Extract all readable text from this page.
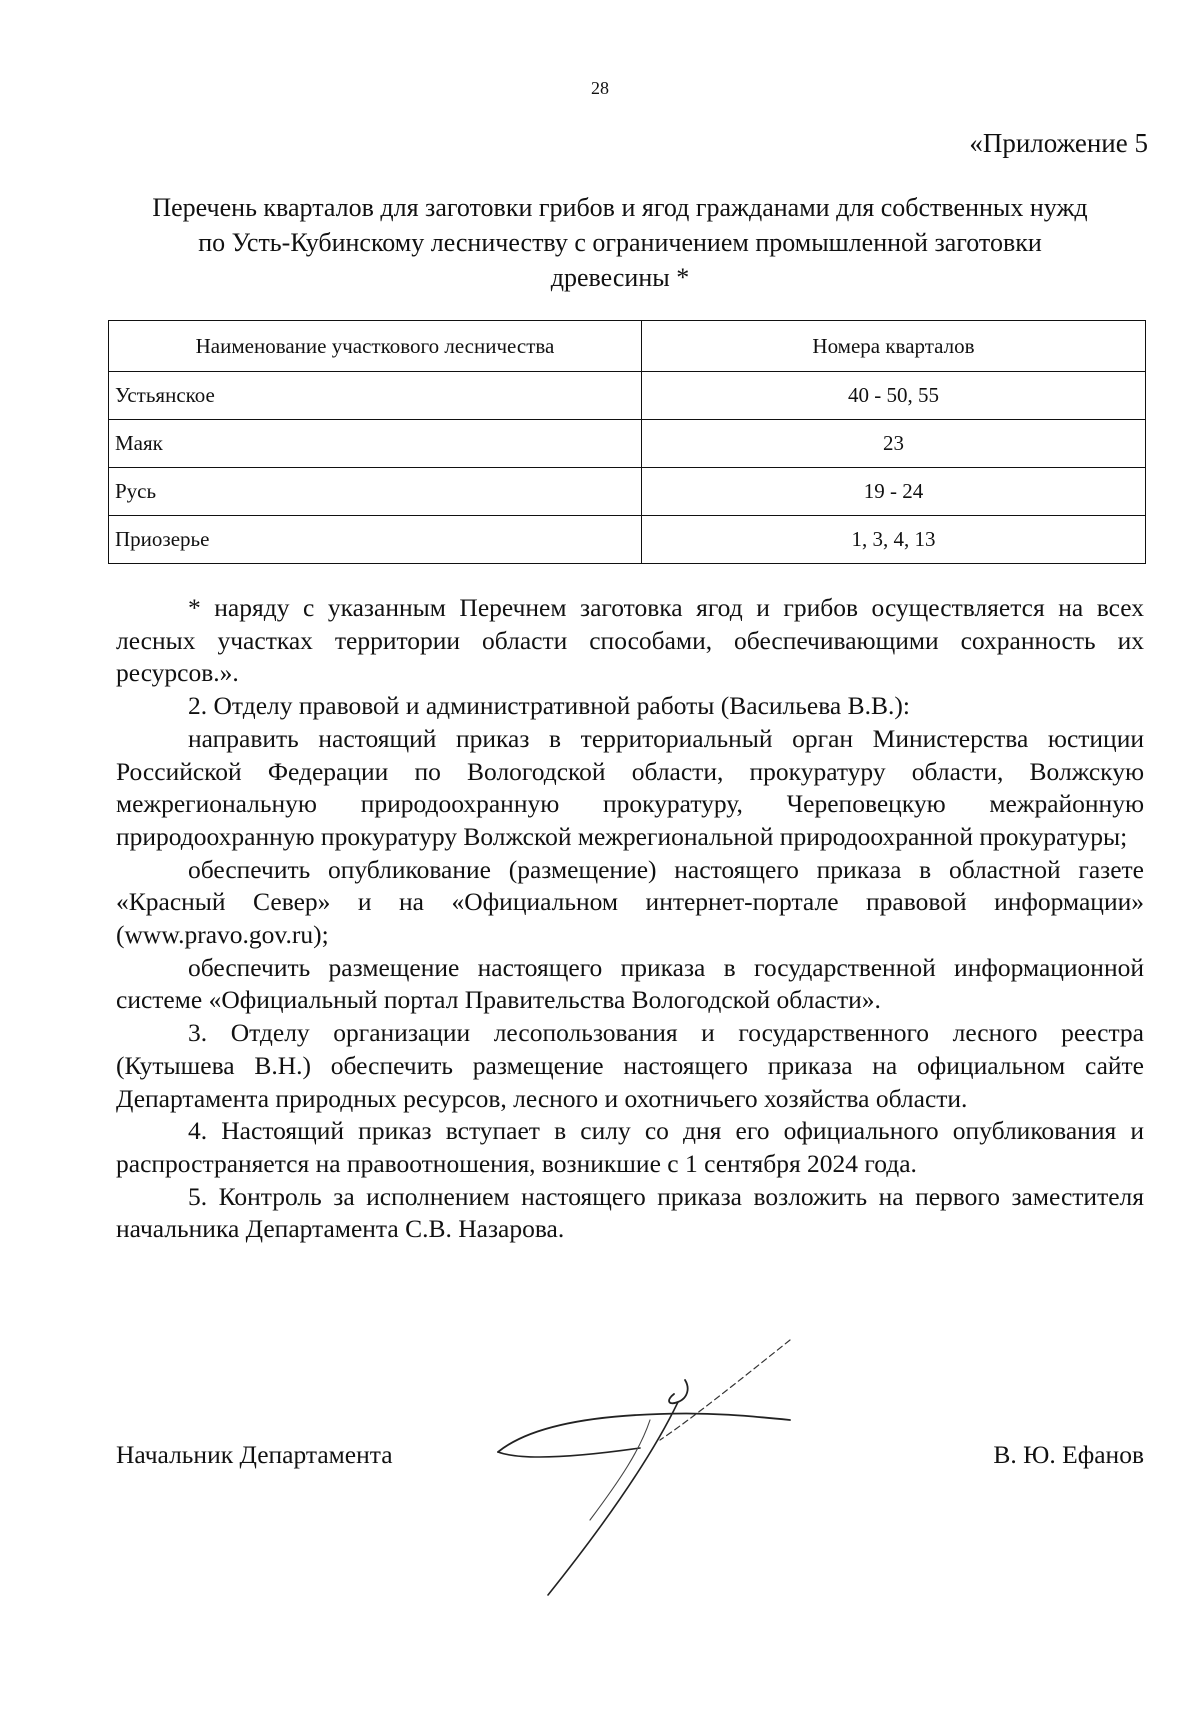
28
«Приложение 5
Перечень кварталов для заготовки грибов и ягод гражданами для собственных нужд
по Усть-Кубинскому лесничеству с ограничением промышленной заготовки
древесины *
Наименование участкового лесничества	Номера кварталов
Устьянское	40 - 50, 55
Маяк	23
Русь	19 - 24
Приозерье	1, 3, 4, 13

* наряду с указанным Перечнем заготовка ягод и грибов осуществляется на всех лесных участках территории области способами, обеспечивающими сохранность их ресурсов.».

2. Отделу правовой и административной работы (Васильева В.В.):

направить настоящий приказ в территориальный орган Министерства юстиции Российской Федерации по Вологодской области, прокуратуру области, Волжскую межрегиональную природоохранную прокуратуру, Череповецкую межрайонную природоохранную прокуратуру Волжской межрегиональной природоохранной прокуратуры;

обеспечить опубликование (размещение) настоящего приказа в областной газете «Красный Север» и на «Официальном интернет-портале правовой информации» (www.pravo.gov.ru);

обеспечить размещение настоящего приказа в государственной информационной системе «Официальный портал Правительства Вологодской области».

3. Отделу организации лесопользования и государственного лесного реестра (Кутышева В.Н.) обеспечить размещение настоящего приказа на официальном сайте Департамента природных ресурсов, лесного и охотничьего хозяйства области.

4. Настоящий приказ вступает в силу со дня его официального опубликования и распространяется на правоотношения, возникшие с 1 сентября 2024 года.

5. Контроль за исполнением настоящего приказа возложить на первого заместителя начальника Департамента С.В. Назарова.

Начальник Департамента	В. Ю. Ефанов
